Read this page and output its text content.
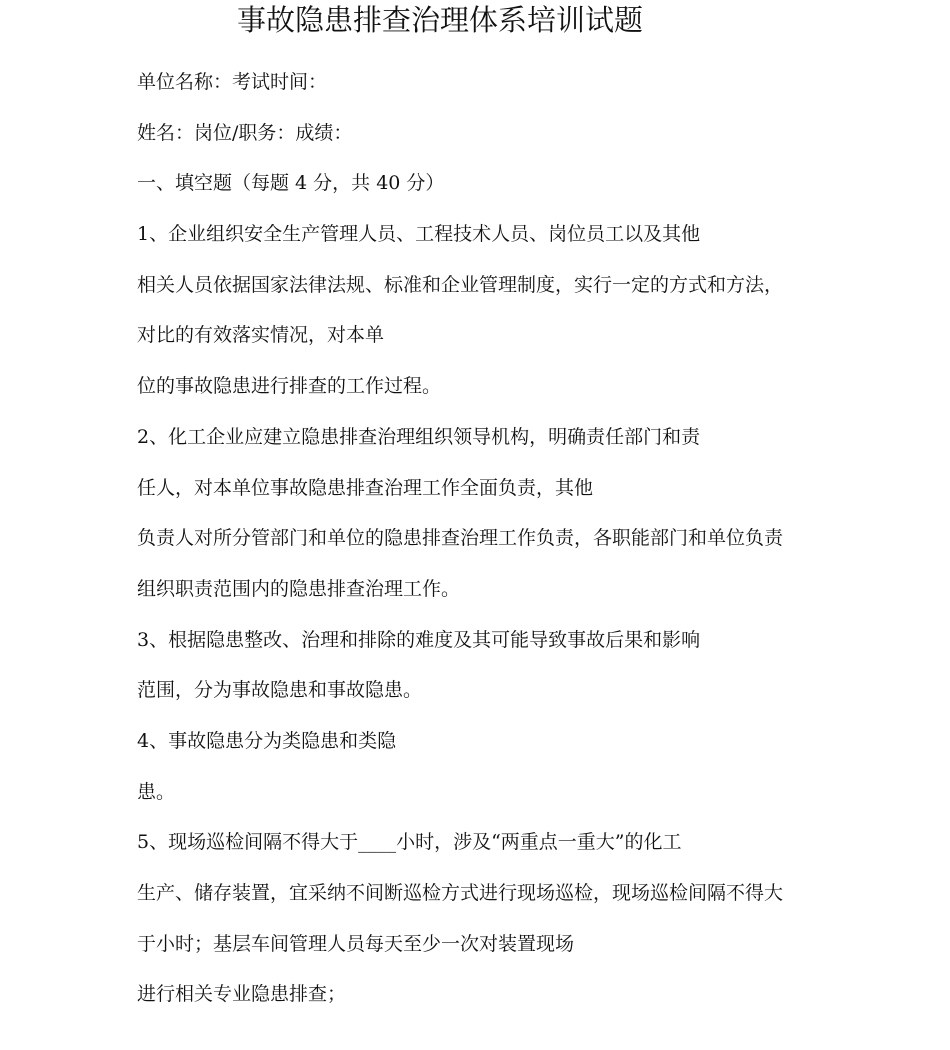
事故隐患排查治理体系培训试题

单位名称：考试时间：

姓名：岗位/职务：成绩：

一、填空题（每题 4 分，共 40 分）

1、企业组织安全生产管理人员、工程技术人员、岗位员工以及其他

相关人员依据国家法律法规、标准和企业管理制度，实行一定的方式和方法，

对比的有效落实情况，对本单

位的事故隐患进行排查的工作过程。

2、化工企业应建立隐患排查治理组织领导机构，明确责任部门和责

任人，对本单位事故隐患排查治理工作全面负责，其他

负责人对所分管部门和单位的隐患排查治理工作负责，各职能部门和单位负责

组织职责范围内的隐患排查治理工作。

3、根据隐患整改、治理和排除的难度及其可能导致事故后果和影响

范围，分为事故隐患和事故隐患。

4、事故隐患分为类隐患和类隐

患。

5、现场巡检间隔不得大于____小时，涉及“两重点一重大”的化工

生产、储存装置，宜采纳不间断巡检方式进行现场巡检，现场巡检间隔不得大

于小时；基层车间管理人员每天至少一次对装置现场

进行相关专业隐患排查；
